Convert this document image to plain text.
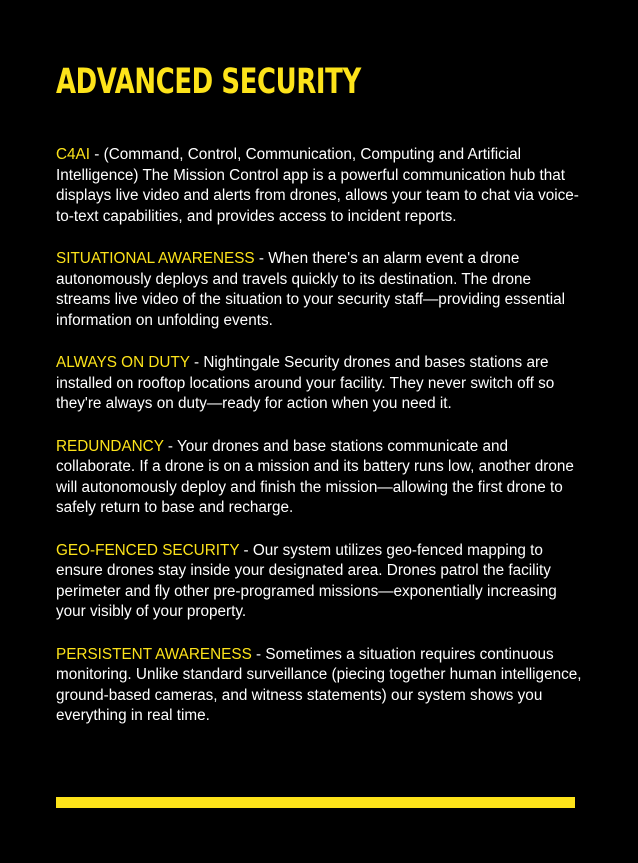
ADVANCED SECURITY

C4AI - (Command, Control, Communication, Computing and Artificial Intelligence) The Mission Control app is a powerful communication hub that displays live video and alerts from drones, allows your team to chat via voice-to-text capabilities, and provides access to incident reports.

SITUATIONAL AWARENESS - When there's an alarm event a drone autonomously deploys and travels quickly to its destination. The drone streams live video of the situation to your security staff—providing essential information on unfolding events.

ALWAYS ON DUTY - Nightingale Security drones and bases stations are installed on rooftop locations around your facility. They never switch off so they're always on duty—ready for action when you need it.

REDUNDANCY - Your drones and base stations communicate and collaborate. If a drone is on a mission and its battery runs low, another drone will autonomously deploy and finish the mission—allowing the first drone to safely return to base and recharge.

GEO-FENCED SECURITY - Our system utilizes geo-fenced mapping to ensure drones stay inside your designated area. Drones patrol the facility perimeter and fly other pre-programed missions—exponentially increasing your visibly of your property.

PERSISTENT AWARENESS - Sometimes a situation requires continuous monitoring. Unlike standard surveillance (piecing together human intelligence, ground-based cameras, and witness statements) our system shows you everything in real time.
